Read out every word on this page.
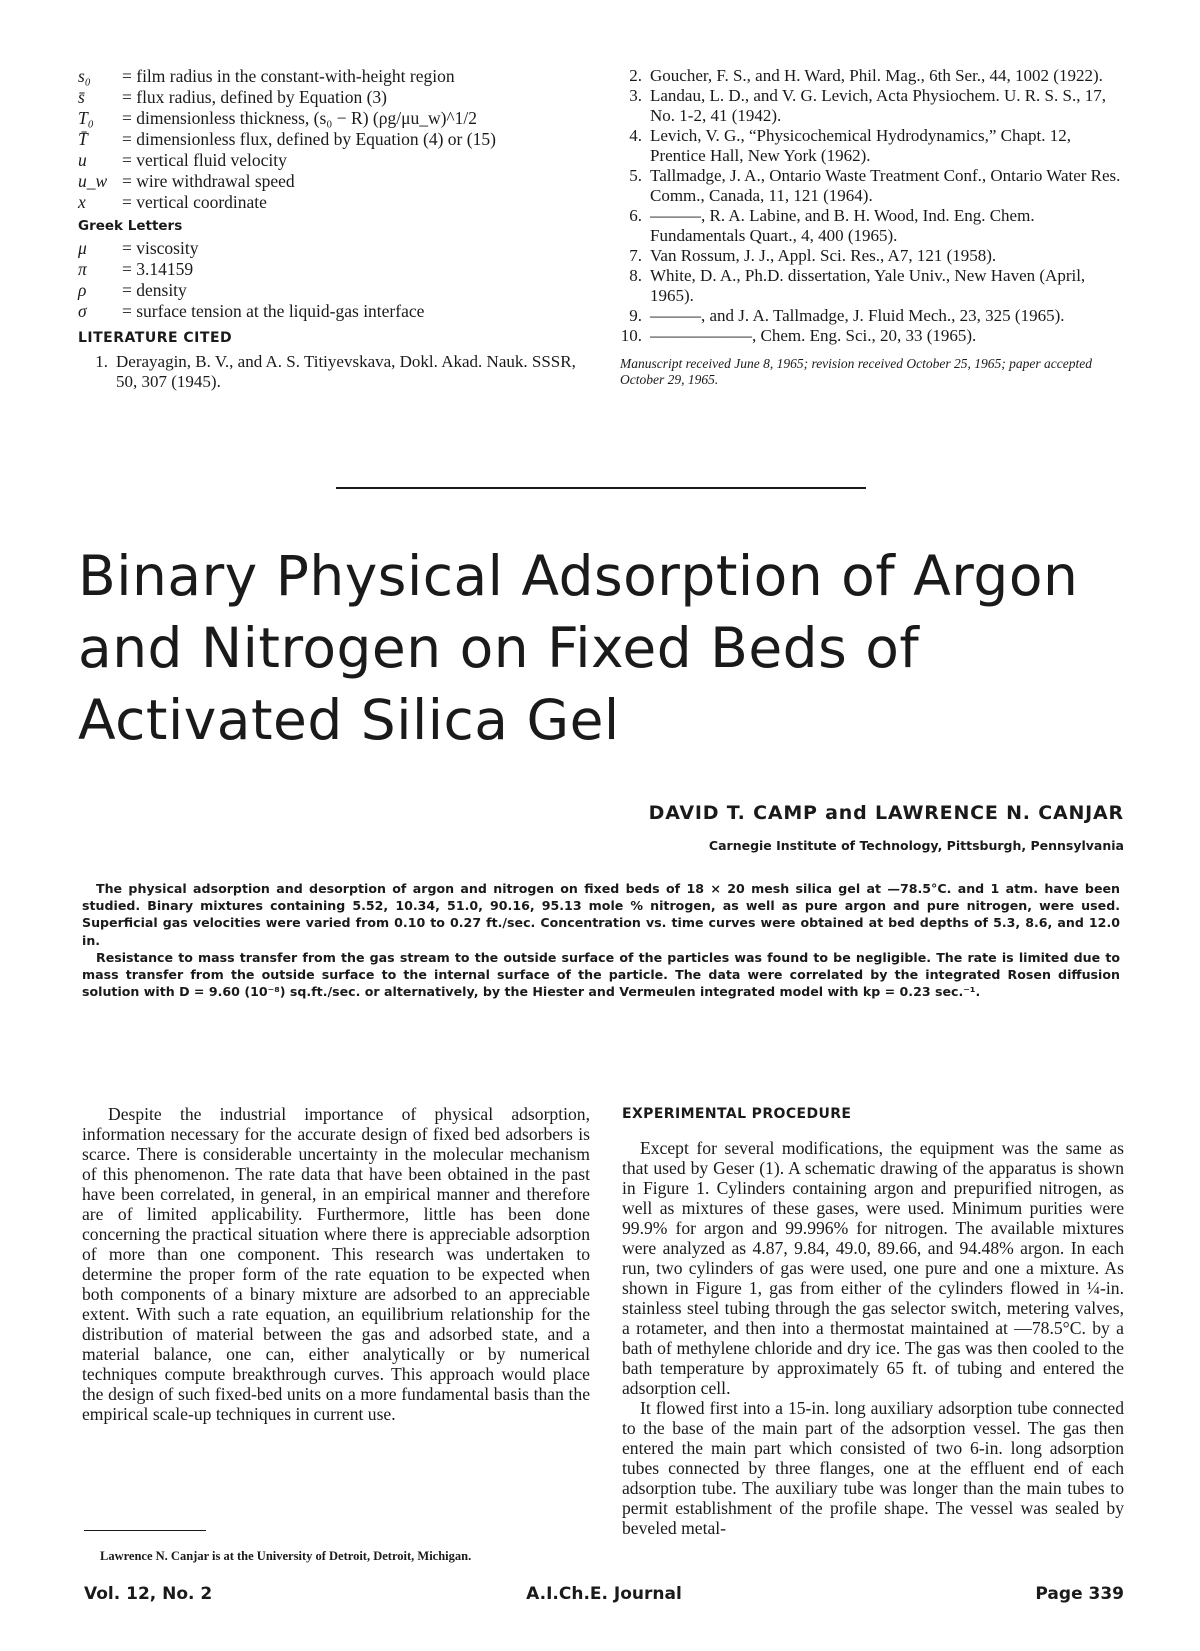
s₀	= film radius in the constant-with-height region
s̄	= flux radius, defined by Equation (3)
T₀	= dimensionless thickness, (s₀ − R) (ρg/μu_w)^1/2
T̄	= dimensionless flux, defined by Equation (4) or (15)
u	= vertical fluid velocity
u_w = wire withdrawal speed
x	= vertical coordinate
Greek Letters
μ	= viscosity
π	= 3.14159
ρ	= density
σ	= surface tension at the liquid-gas interface
LITERATURE CITED
1. Derayagin, B. V., and A. S. Titiyevskava, Dokl. Akad. Nauk. SSSR, 50, 307 (1945).
2. Goucher, F. S., and H. Ward, Phil. Mag., 6th Ser., 44, 1002 (1922).
3. Landau, L. D., and V. G. Levich, Acta Physiochem. U. R. S. S., 17, No. 1-2, 41 (1942).
4. Levich, V. G., “Physicochemical Hydrodynamics,” Chapt. 12, Prentice Hall, New York (1962).
5. Tallmadge, J. A., Ontario Waste Treatment Conf., Ontario Water Res. Comm., Canada, 11, 121 (1964).
6. ———, R. A. Labine, and B. H. Wood, Ind. Eng. Chem. Fundamentals Quart., 4, 400 (1965).
7. Van Rossum, J. J., Appl. Sci. Res., A7, 121 (1958).
8. White, D. A., Ph.D. dissertation, Yale Univ., New Haven (April, 1965).
9. ———, and J. A. Tallmadge, J. Fluid Mech., 23, 325 (1965).
10. ——————, Chem. Eng. Sci., 20, 33 (1965).
Manuscript received June 8, 1965; revision received October 25, 1965; paper accepted October 29, 1965.
Binary Physical Adsorption of Argon and Nitrogen on Fixed Beds of Activated Silica Gel
DAVID T. CAMP and LAWRENCE N. CANJAR
Carnegie Institute of Technology, Pittsburgh, Pennsylvania

The physical adsorption and desorption of argon and nitrogen on fixed beds of 18 × 20 mesh silica gel at —78.5°C. and 1 atm. have been studied. Binary mixtures containing 5.52, 10.34, 51.0, 90.16, 95.13 mole % nitrogen, as well as pure argon and pure nitrogen, were used. Superficial gas velocities were varied from 0.10 to 0.27 ft./sec. Concentration vs. time curves were obtained at bed depths of 5.3, 8.6, and 12.0 in.

Resistance to mass transfer from the gas stream to the outside surface of the particles was found to be negligible. The rate is limited due to mass transfer from the outside surface to the internal surface of the particle. The data were correlated by the integrated Rosen diffusion solution with D = 9.60 (10⁻⁸) sq.ft./sec. or alternatively, by the Hiester and Vermeulen integrated model with kp = 0.23 sec.⁻¹.

Despite the industrial importance of physical adsorption, information necessary for the accurate design of fixed bed adsorbers is scarce. There is considerable uncertainty in the molecular mechanism of this phenomenon. The rate data that have been obtained in the past have been correlated, in general, in an empirical manner and therefore are of limited applicability. Furthermore, little has been done concerning the practical situation where there is appreciable adsorption of more than one component. This research was undertaken to determine the proper form of the rate equation to be expected when both components of a binary mixture are adsorbed to an appreciable extent. With such a rate equation, an equilibrium relationship for the distribution of material between the gas and adsorbed state, and a material balance, one can, either analytically or by numerical techniques compute breakthrough curves. This approach would place the design of such fixed-bed units on a more fundamental basis than the empirical scale-up techniques in current use.

Lawrence N. Canjar is at the University of Detroit, Detroit, Michigan.
EXPERIMENTAL PROCEDURE

Except for several modifications, the equipment was the same as that used by Geser (1). A schematic drawing of the apparatus is shown in Figure 1. Cylinders containing argon and prepurified nitrogen, as well as mixtures of these gases, were used. Minimum purities were 99.9% for argon and 99.996% for nitrogen. The available mixtures were analyzed as 4.87, 9.84, 49.0, 89.66, and 94.48% argon. In each run, two cylinders of gas were used, one pure and one a mixture. As shown in Figure 1, gas from either of the cylinders flowed in ¼-in. stainless steel tubing through the gas selector switch, metering valves, a rotameter, and then into a thermostat maintained at —78.5°C. by a bath of methylene chloride and dry ice. The gas was then cooled to the bath temperature by approximately 65 ft. of tubing and entered the adsorption cell.

It flowed first into a 15-in. long auxiliary adsorption tube connected to the base of the main part of the adsorption vessel. The gas then entered the main part which consisted of two 6-in. long adsorption tubes connected by three flanges, one at the effluent end of each adsorption tube. The auxiliary tube was longer than the main tubes to permit establishment of the profile shape. The vessel was sealed by beveled metal-

Vol. 12, No. 2	A.I.Ch.E. Journal	Page 339
